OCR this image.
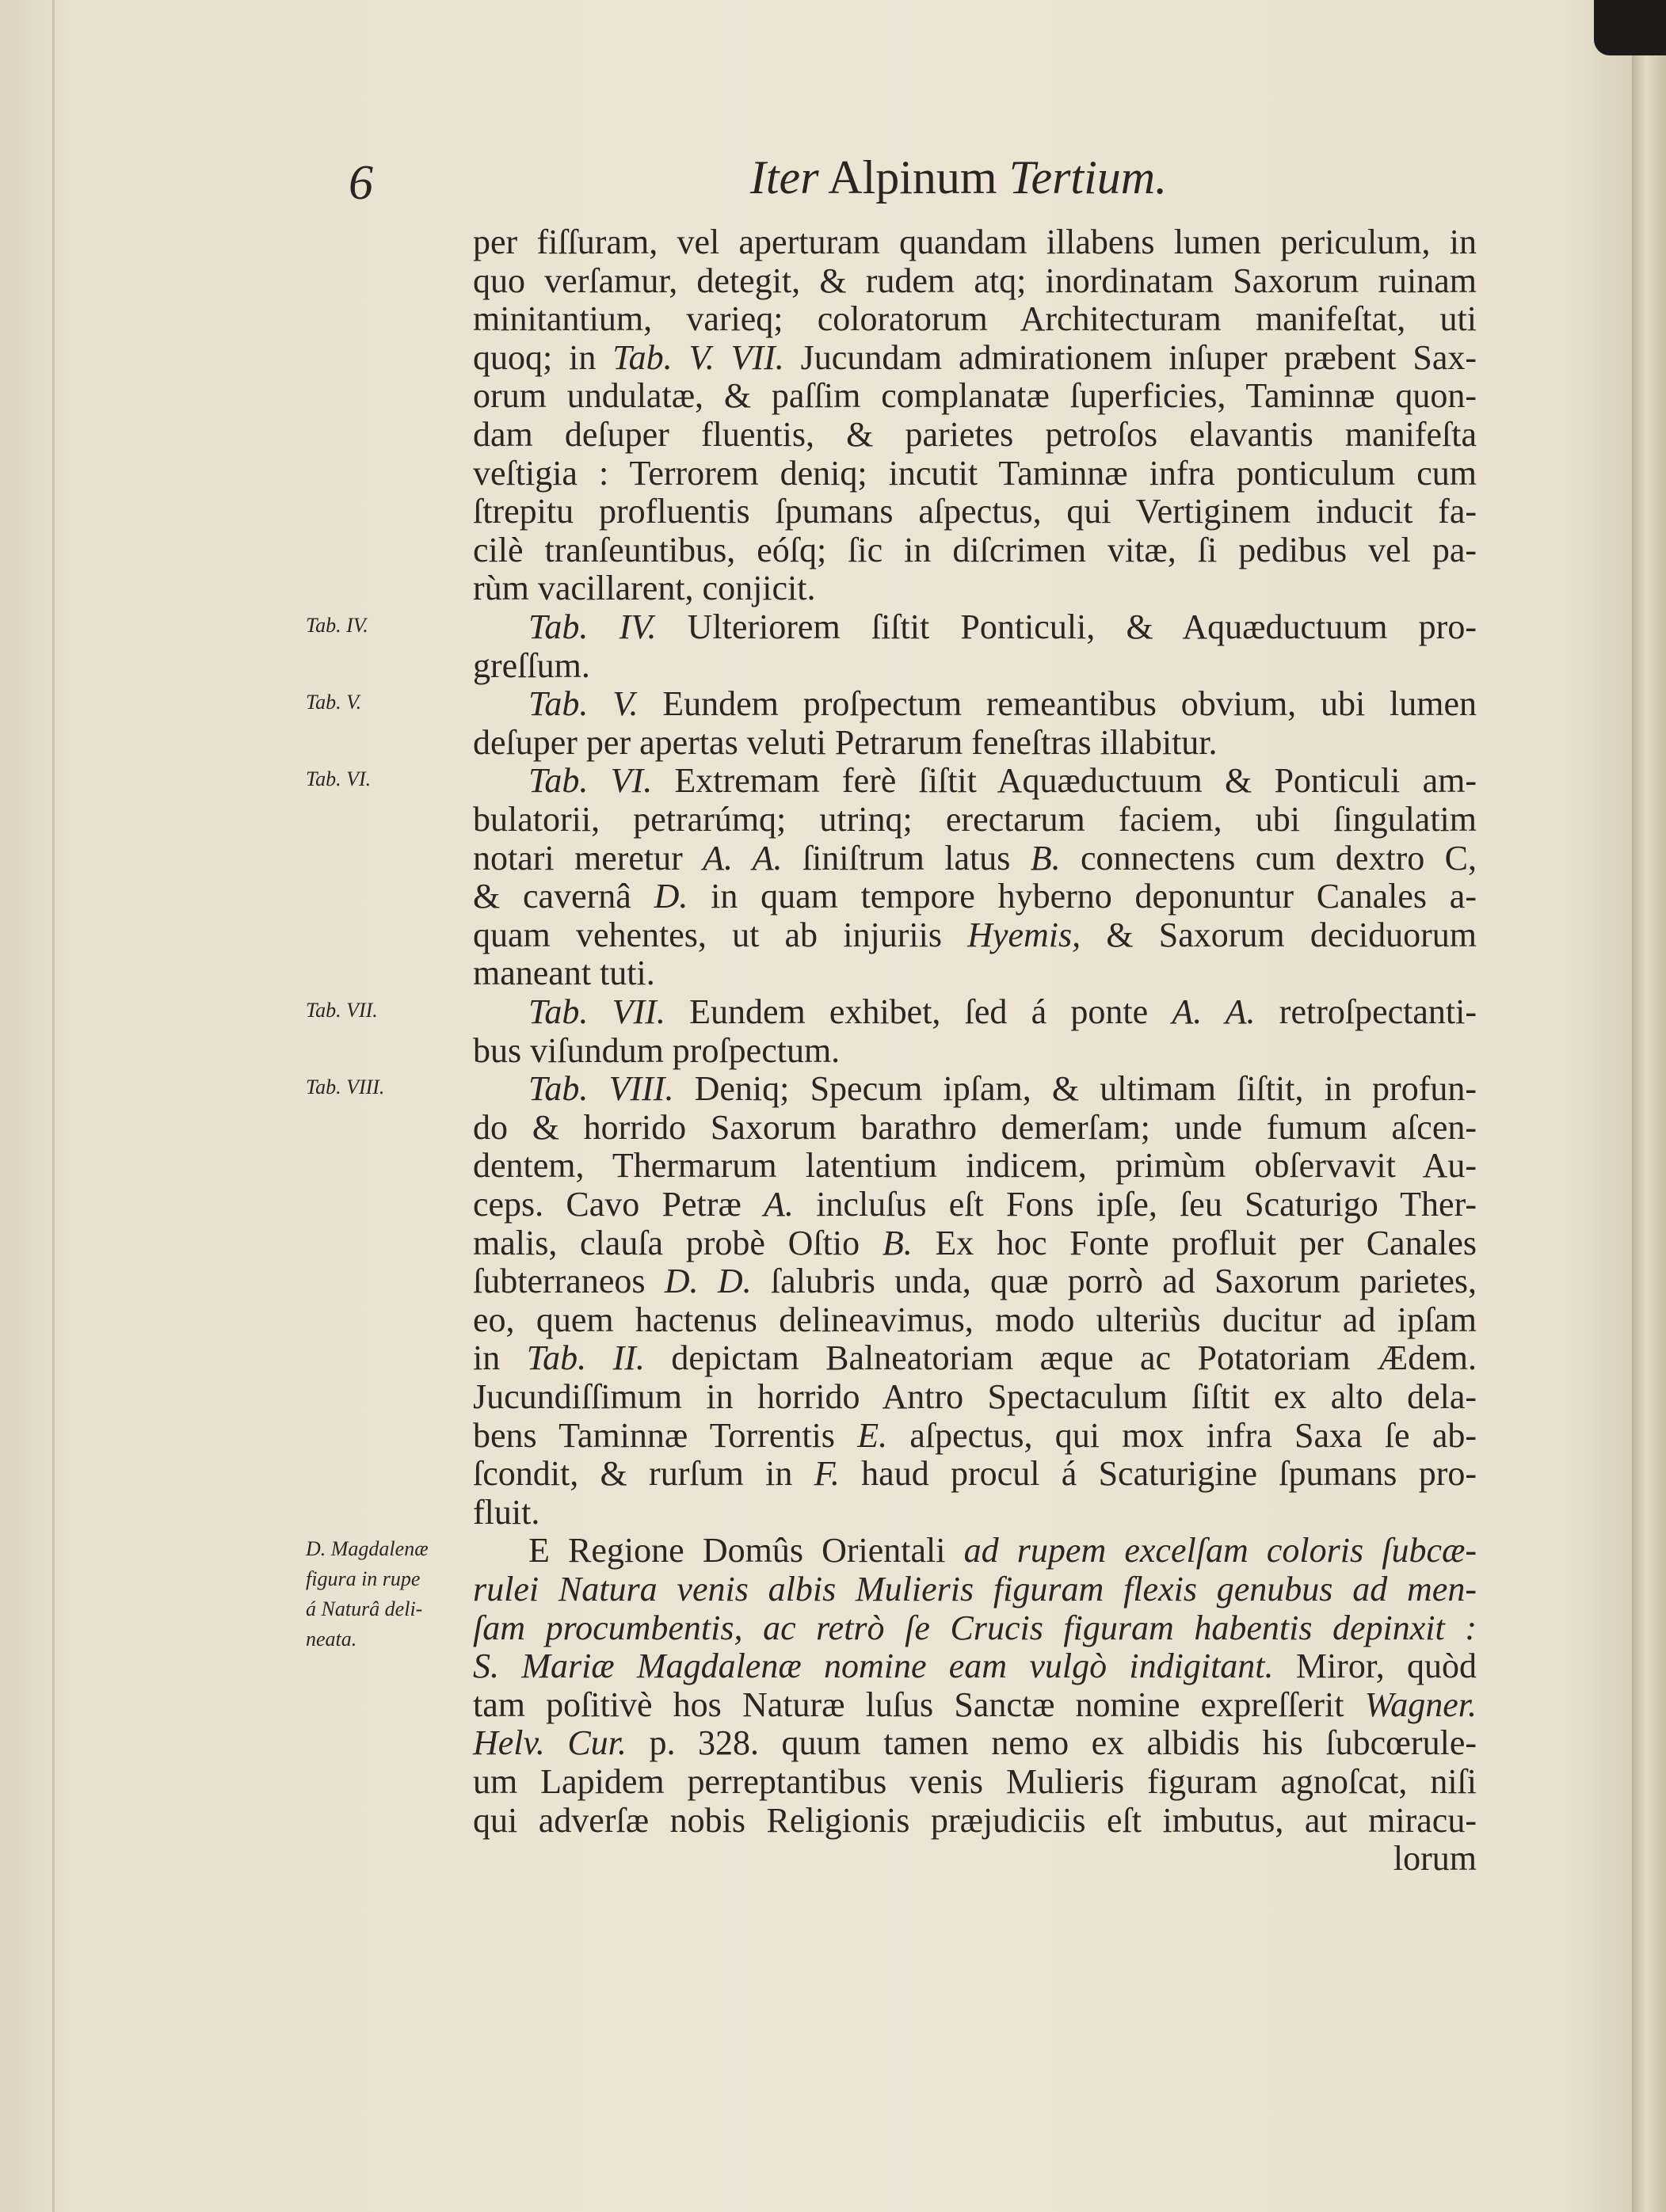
6	Iter Alpinum Tertium.
per fiſſuram, vel aperturam quandam illabens lumen periculum, in
quo verſamur, detegit, & rudem atq; inordinatam Saxorum ruinam
minitantium, varieq; coloratorum Architecturam manifeſtat, uti
quoq; in Tab. V. VII. Jucundam admirationem inſuper præbent Sax-
orum undulatæ, & paſſim complanatæ ſuperficies, Taminnæ quon-
dam deſuper fluentis, & parietes petroſos elavantis manifeſta
veſtigia : Terrorem deniq; incutit Taminnæ infra ponticulum cum
ſtrepitu profluentis ſpumans aſpectus, qui Vertiginem inducit fa-
cilè tranſeuntibus, eóſq; ſic in diſcrimen vitæ, ſi pedibus vel pa-
rùm vacillarent, conjicit.
Tab. IV. Ulteriorem ſiſtit Ponticuli, & Aquæductuum pro-
greſſum.
Tab. V. Eundem proſpectum remeantibus obvium, ubi lumen
deſuper per apertas veluti Petrarum feneſtras illabitur.
Tab. VI. Extremam ferè ſiſtit Aquæductuum & Ponticuli am-
bulatorii, petrarúmq; utrinq; erectarum faciem, ubi ſingulatim
notari meretur A. A. ſiniſtrum latus B. connectens cum dextro C,
& cavernâ D. in quam tempore hyberno deponuntur Canales a-
quam vehentes, ut ab injuriis Hyemis, & Saxorum deciduorum
maneant tuti.
Tab. VII. Eundem exhibet, ſed á ponte A. A. retroſpectanti-
bus viſundum proſpectum.
Tab. VIII. Deniq; Specum ipſam, & ultimam ſiſtit, in profun-
do & horrido Saxorum barathro demerſam; unde fumum aſcen-
dentem, Thermarum latentium indicem, primùm obſervavit Au-
ceps. Cavo Petræ A. incluſus eſt Fons ipſe, ſeu Scaturigo Ther-
malis, clauſa probè Oſtio B. Ex hoc Fonte profluit per Canales
ſubterraneos D. D. ſalubris unda, quæ porrò ad Saxorum parietes,
eo, quem hactenus delineavimus, modo ulteriùs ducitur ad ipſam
in Tab. II. depictam Balneatoriam æque ac Potatoriam Ædem.
Jucundiſſimum in horrido Antro Spectaculum ſiſtit ex alto dela-
bens Taminnæ Torrentis E. aſpectus, qui mox infra Saxa ſe ab-
ſcondit, & rurſum in F. haud procul á Scaturigine ſpumans pro-
fluit.
E Regione Domûs Orientali ad rupem excelſam coloris ſubcæ-
rulei Natura venis albis Mulieris figuram flexis genubus ad men-
ſam procumbentis, ac retrò ſe Crucis figuram habentis depinxit :
S. Mariæ Magdalenæ nomine eam vulgò indigitant. Miror, quòd
tam poſitivè hos Naturæ luſus Sanctæ nomine expreſſerit Wagner.
Helv. Cur. p. 328. quum tamen nemo ex albidis his ſubcœrule-
um Lapidem perreptantibus venis Mulieris figuram agnoſcat, niſi
qui adverſæ nobis Religionis præjudiciis eſt imbutus, aut miracu-
Tab. IV.
Tab. V.
Tab. VI.
Tab. VII.
Tab. VIII.
D. Magdalenæ
figura in rupe
á Naturâ deli-
neata.
lorum
